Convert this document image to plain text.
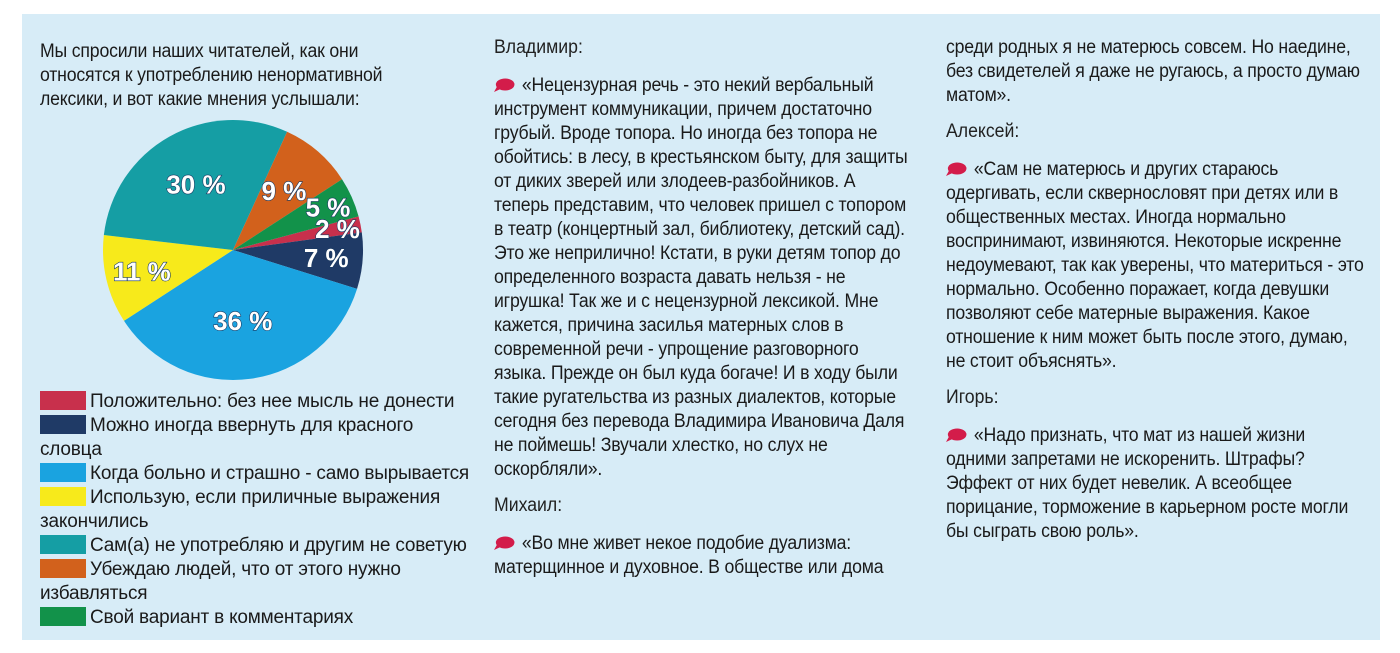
Мы спросили наших читателей, как они относятся к употреблению ненормативной лексики, и вот какие мнения услышали:
2 %
7 %
36 %
11 %
30 % 9 %
5 %
Положительно: без нее мысль не донести
Можно иногда ввернуть для красного словца
Когда больно и страшно - само вырывается
Использую, если приличные выражения закончились
Сам(а) не употребляю и другим не советую
Убеждаю людей, что от этого нужно избавляться
Свой вариант в комментариях
Владимир:

«Нецензурная речь - это некий вербальный инструмент коммуникации, причем достаточно грубый. Вроде топора. Но иногда без топора не обойтись: в лесу, в крестьянском быту, для защиты от диких зверей или злодеев-разбойников. А теперь представим, что человек пришел с топором в театр (концертный зал, библиотеку, детский сад). Это же неприлично! Кстати, в руки детям топор до определенного возраста давать нельзя - не игрушка! Так же и с нецензурной лексикой. Мне кажется, причина засилья матерных слов в современной речи - упрощение разговорного языка. Прежде он был куда богаче! И в ходу были такие ругательства из разных диалектов, которые сегодня без перевода Владимира Ивановича Даля не поймешь! Звучали хлестко, но слух не оскорбляли».

Михаил:

«Во мне живет некое подобие дуализма: матерщинное и духовное. В обществе или дома

среди родных я не матерюсь совсем. Но наедине, без свидетелей я даже не ругаюсь, а просто думаю матом».

Алексей:

«Сам не матерюсь и других стараюсь одергивать, если сквернословят при детях или в общественных местах. Иногда нормально воспринимают, извиняются. Некоторые искренне недоумевают, так как уверены, что материться - это нормально. Особенно поражает, когда девушки позволяют себе матерные выражения. Какое отношение к ним может быть после этого, думаю, не стоит объяснять».

Игорь:

«Надо признать, что мат из нашей жизни одними запретами не искоренить. Штрафы? Эффект от них будет невелик. А всеобщее порицание, торможение в карьерном росте могли бы сыграть свою роль».
